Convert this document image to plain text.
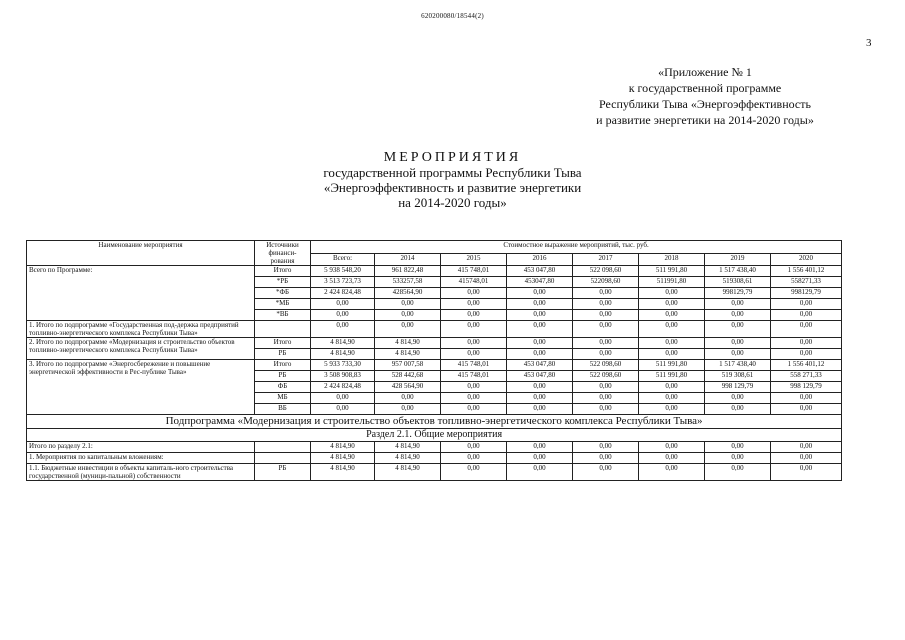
620200080/18544(2)
3
«Приложение № 1
к государственной программе
Республики Тыва «Энергоэффективность
и развитие энергетики на 2014-2020 годы»
МЕРОПРИЯТИЯ
государственной программы Республики Тыва
«Энергоэффективность и развитие энергетики
на 2014-2020 годы»
Наименование мероприятия	Источники финанси-рования	Стоимостное выражение мероприятий, тыс. руб.							
		Всего:	2014	2015	2016	2017	2018	2019	2020
Всего по Программе:	Итого	5 938 548,20	961 822,48	415 748,01	453 047,80	522 098,60	511 991,80	1 517 438,40	1 556 401,12
	*РБ	3 513 723,73	533257,58	415748,01	453047,80	522098,60	511991,80	519308,61	558271,33
	*ФБ	2 424 824,48	428564,90	0,00	0,00	0,00	0,00	998129,79	998129,79
	*МБ	0,00	0,00	0,00	0,00	0,00	0,00	0,00	0,00
	*ВБ	0,00	0,00	0,00	0,00	0,00	0,00	0,00	0,00
1. Итого по подпрограмме «Государственная под-держка предприятий топливно-энергетического комплекса Республики Тыва»		0,00	0,00	0,00	0,00	0,00	0,00	0,00	0,00
2. Итого по подпрограмме «Модернизация и строительство объектов топливно-энергетического комплекса Республики Тыва»	Итого	4 814,90	4 814,90	0,00	0,00	0,00	0,00	0,00	0,00
	РБ	4 814,90	4 814,90	0,00	0,00	0,00	0,00	0,00	0,00
3. Итого по подпрограмме «Энергосбережение и повышение энергетической эффективности в Рес-публике Тыва»	Итого	5 933 733,30	957 007,58	415 748,01	453 047,80	522 098,60	511 991,80	1 517 438,40	1 556 401,12
	РБ	3 508 908,83	528 442,68	415 748,01	453 047,80	522 098,60	511 991,80	519 308,61	558 271,33
	ФБ	2 424 824,48	428 564,90	0,00	0,00	0,00	0,00	998 129,79	998 129,79
	МБ	0,00	0,00	0,00	0,00	0,00	0,00	0,00	0,00
	ВБ	0,00	0,00	0,00	0,00	0,00	0,00	0,00	0,00
Подпрограмма «Модернизация и строительство объектов топливно-энергетического комплекса Республики Тыва»									
Раздел 2.1. Общие мероприятия									
Итого по разделу 2.1:		4 814,90	4 814,90	0,00	0,00	0,00	0,00	0,00	0,00
1. Мероприятия по капитальным вложениям:		4 814,90	4 814,90	0,00	0,00	0,00	0,00	0,00	0,00
1.1. Бюджетные инвестиции в объекты капиталь-ного строительства государственной (муници-пальной) собственности	РБ	4 814,90	4 814,90	0,00	0,00	0,00	0,00	0,00	0,00
